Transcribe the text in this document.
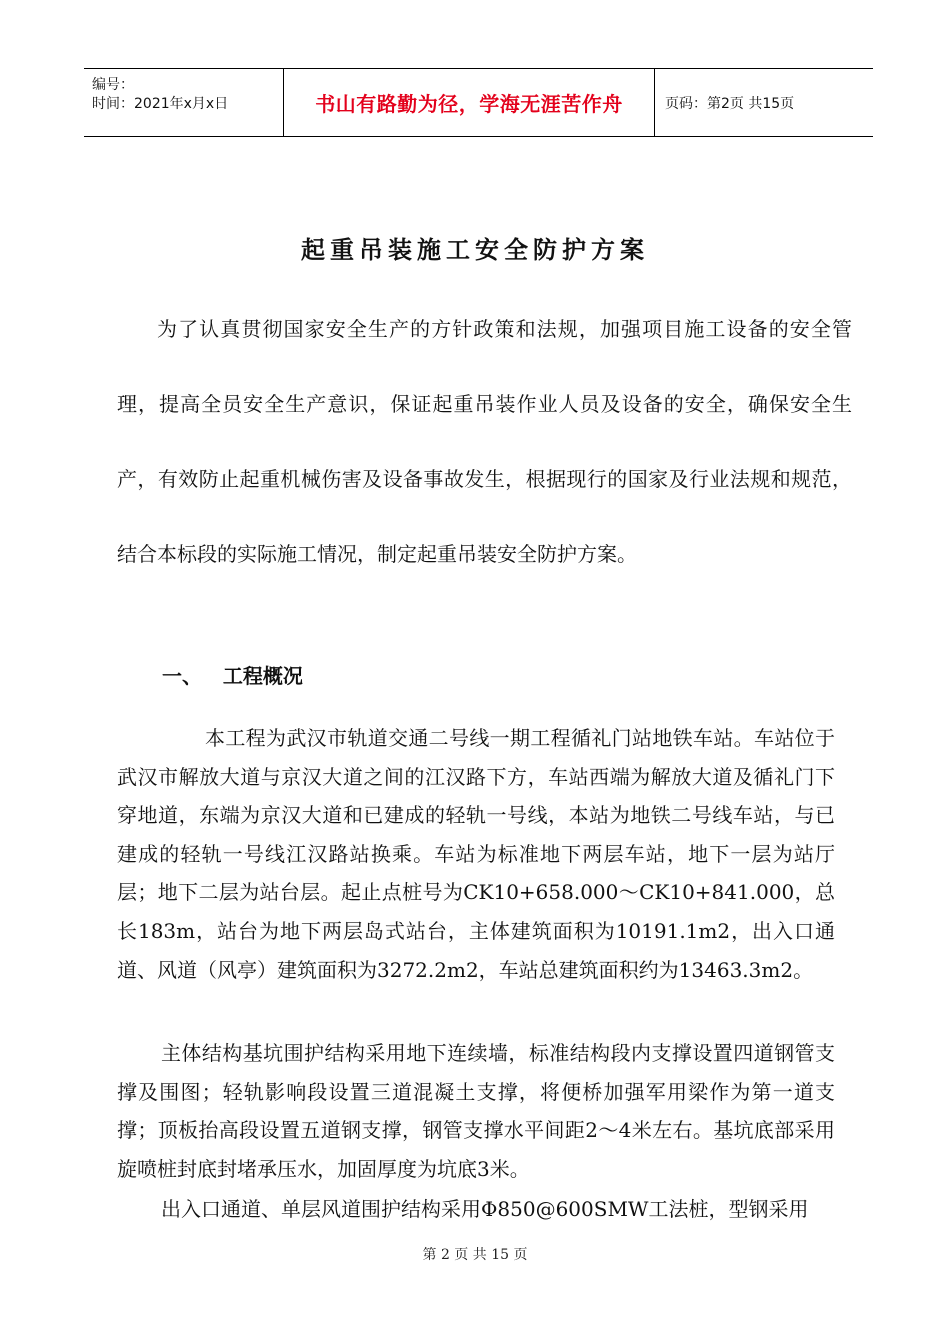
编号：
时间：2021年x月x日	书山有路勤为径，学海无涯苦作舟	页码：第2页 共15页
起重吊装施工安全防护方案

为了认真贯彻国家安全生产的方针政策和法规，加强项目施工设备的安全管理，提高全员安全生产意识，保证起重吊装作业人员及设备的安全，确保安全生产，有效防止起重机械伤害及设备事故发生，根据现行的国家及行业法规和规范，结合本标段的实际施工情况，制定起重吊装安全防护方案。

一、   工程概况

本工程为武汉市轨道交通二号线一期工程循礼门站地铁车站。车站位于武汉市解放大道与京汉大道之间的江汉路下方，车站西端为解放大道及循礼门下穿地道，东端为京汉大道和已建成的轻轨一号线，本站为地铁二号线车站，与已建成的轻轨一号线江汉路站换乘。车站为标准地下两层车站，地下一层为站厅层；地下二层为站台层。起止点桩号为CK10+658.000～CK10+841.000，总长183m，站台为地下两层岛式站台，主体建筑面积为10191.1m2，出入口通道、风道（风亭）建筑面积为3272.2m2，车站总建筑面积约为13463.3m2。

主体结构基坑围护结构采用地下连续墙，标准结构段内支撑设置四道钢管支撑及围图；轻轨影响段设置三道混凝土支撑，将便桥加强军用梁作为第一道支撑；顶板抬高段设置五道钢支撑，钢管支撑水平间距2～4米左右。基坑底部采用旋喷桩封底封堵承压水，加固厚度为坑底3米。

出入口通道、单层风道围护结构采用Φ850@600SMW工法桩，型钢采用

第 2 页 共 15 页
